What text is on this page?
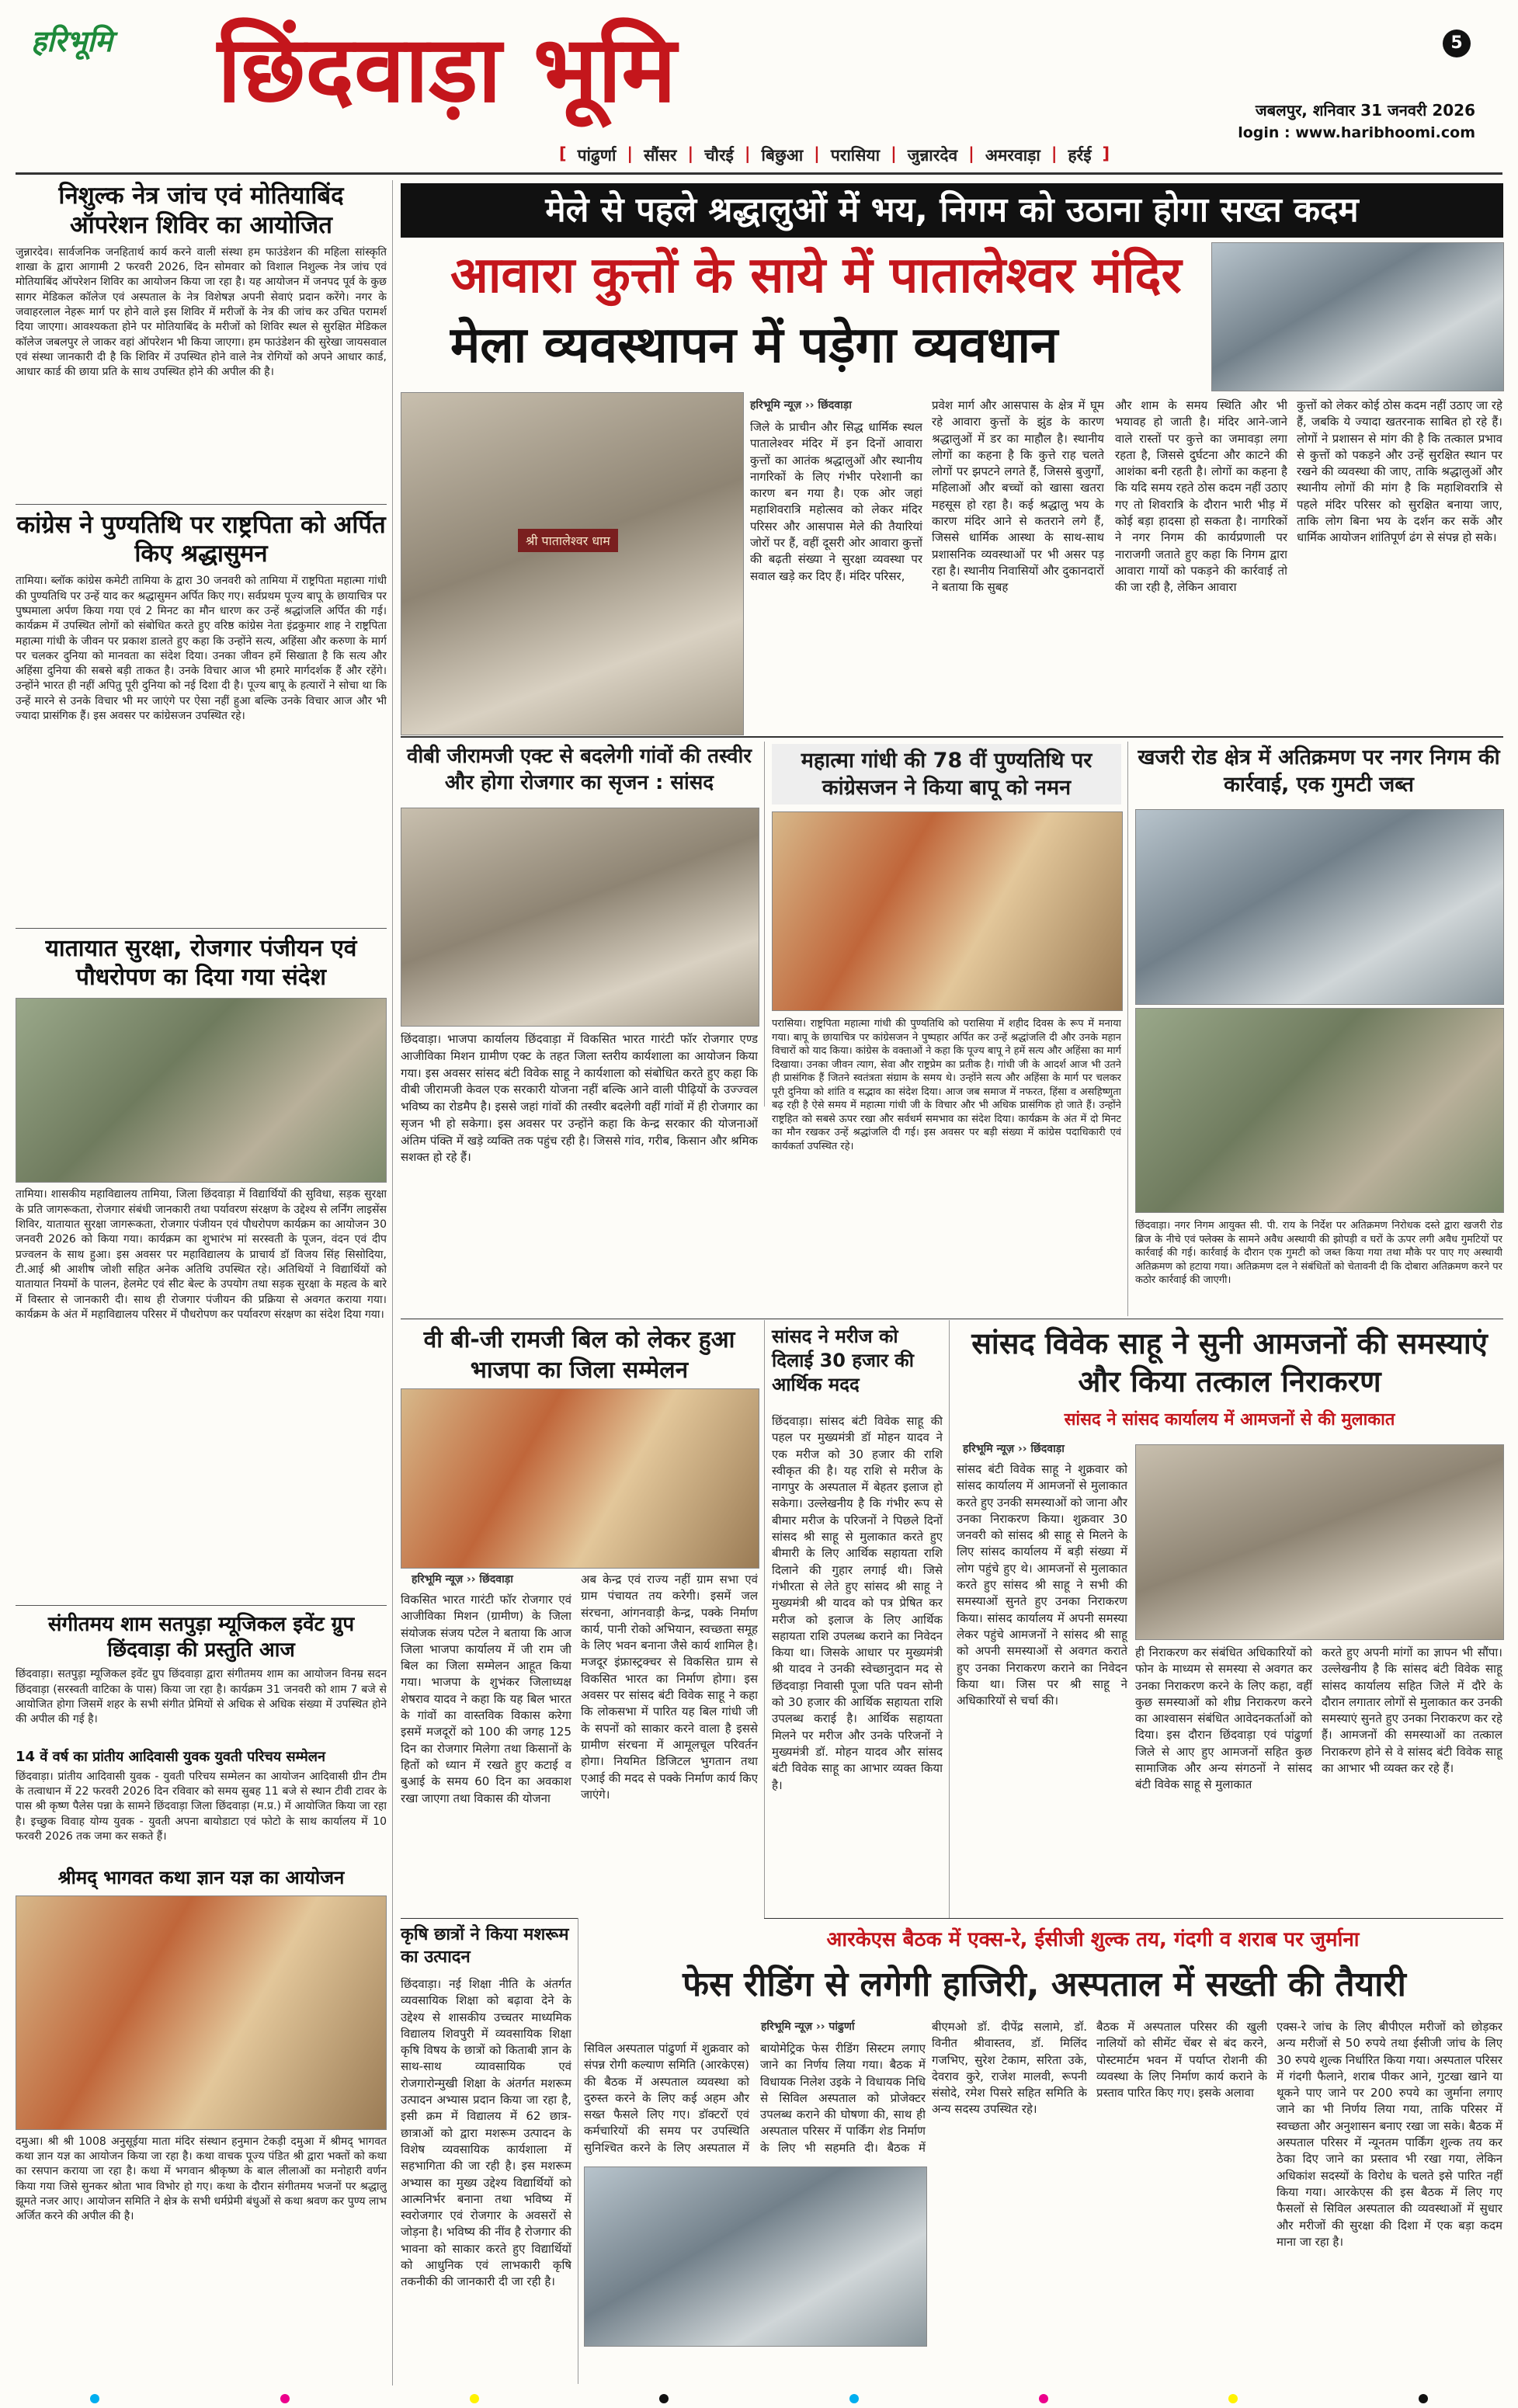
हरिभूमि छिंदवाड़ा भूमि	5
जबलपुर, शनिवार 31 जनवरी 2026
login : www.haribhoomi.com
[ पांढुर्णा | सौंसर | चौरई | बिछुआ | परासिया | जुन्नारदेव | अमरवाड़ा | हर्रई ]
निशुल्क नेत्र जांच एवं मोतियाबिंद ऑपरेशन शिविर का आयोजित
जुन्नारदेव। सार्वजनिक जनहितार्थ कार्य करने वाली संस्था हम फाउंडेशन की महिला सांस्कृति शाखा के द्वारा आगामी 2 फरवरी 2026, दिन सोमवार को विशाल निशुल्क नेत्र जांच एवं मोतियाबिंद ऑपरेशन शिविर का आयोजन किया जा रहा है। यह आयोजन में जनपद पूर्व के कुछ सागर मेडिकल कॉलेज एवं अस्पताल के नेत्र विशेषज्ञ अपनी सेवाएं प्रदान करेंगे। नगर के जवाहरलाल नेहरू मार्ग पर होने वाले इस शिविर में मरीजों के नेत्र की जांच कर उचित परामर्श दिया जाएगा। आवश्यकता होने पर मोतियाबिंद के मरीजों को शिविर स्थल से सुरक्षित मेडिकल कॉलेज जबलपुर ले जाकर वहां ऑपरेशन भी किया जाएगा। हम फाउंडेशन की सुरेखा जायसवाल एवं संस्था जानकारी दी है कि शिविर में उपस्थित होने वाले नेत्र रोगियों को अपने आधार कार्ड, आधार कार्ड की छाया प्रति के साथ उपस्थित होने की अपील की है।
कांग्रेस ने पुण्यतिथि पर राष्ट्रपिता को अर्पित किए श्रद्धासुमन
तामिया। ब्लॉक कांग्रेस कमेटी तामिया के द्वारा 30 जनवरी को तामिया में राष्ट्रपिता महात्मा गांधी की पुण्यतिथि पर उन्हें याद कर श्रद्धासुमन अर्पित किए गए। सर्वप्रथम पूज्य बापू के छायाचित्र पर पुष्पमाला अर्पण किया गया एवं 2 मिनट का मौन धारण कर उन्हें श्रद्धांजलि अर्पित की गई। कार्यक्रम में उपस्थित लोगों को संबोधित करते हुए वरिष्ठ कांग्रेस नेता इंद्रकुमार शाह ने राष्ट्रपिता महात्मा गांधी के जीवन पर प्रकाश डालते हुए कहा कि उन्होंने सत्य, अहिंसा और करुणा के मार्ग पर चलकर दुनिया को मानवता का संदेश दिया। उनका जीवन हमें सिखाता है कि सत्य और अहिंसा दुनिया की सबसे बड़ी ताकत है। उनके विचार आज भी हमारे मार्गदर्शक हैं और रहेंगे। उन्होंने भारत ही नहीं अपितु पूरी दुनिया को नई दिशा दी है। पूज्य बापू के हत्यारों ने सोचा था कि उन्हें मारने से उनके विचार भी मर जाएंगे पर ऐसा नहीं हुआ बल्कि उनके विचार आज और भी ज्यादा प्रासंगिक हैं। इस अवसर पर कांग्रेसजन उपस्थित रहे।
यातायात सुरक्षा, रोजगार पंजीयन एवं पौधरोपण का दिया गया संदेश
तामिया। शासकीय महाविद्यालय तामिया, जिला छिंदवाड़ा में विद्यार्थियों की सुविधा, सड़क सुरक्षा के प्रति जागरूकता, रोजगार संबंधी जानकारी तथा पर्यावरण संरक्षण के उद्देश्य से लर्निंग लाइसेंस शिविर, यातायात सुरक्षा जागरूकता, रोजगार पंजीयन एवं पौधरोपण कार्यक्रम का आयोजन 30 जनवरी 2026 को किया गया। कार्यक्रम का शुभारंभ मां सरस्वती के पूजन, वंदन एवं दीप प्रज्वलन के साथ हुआ। इस अवसर पर महाविद्यालय के प्राचार्य डॉ विजय सिंह सिसोदिया, टी.आई श्री आशीष जोशी सहित अनेक अतिथि उपस्थित रहे। अतिथियों ने विद्यार्थियों को यातायात नियमों के पालन, हेलमेट एवं सीट बेल्ट के उपयोग तथा सड़क सुरक्षा के महत्व के बारे में विस्तार से जानकारी दी। साथ ही रोजगार पंजीयन की प्रक्रिया से अवगत कराया गया। कार्यक्रम के अंत में महाविद्यालय परिसर में पौधरोपण कर पर्यावरण संरक्षण का संदेश दिया गया।
संगीतमय शाम सतपुड़ा म्यूजिकल इवेंट ग्रुप छिंदवाड़ा की प्रस्तुति आज
छिंदवाड़ा। सतपुड़ा म्यूजिकल इवेंट ग्रुप छिंदवाड़ा द्वारा संगीतमय शाम का आयोजन विनम्र सदन छिंदवाड़ा (सरस्वती वाटिका के पास) किया जा रहा है। कार्यक्रम 31 जनवरी को शाम 7 बजे से आयोजित होगा जिसमें शहर के सभी संगीत प्रेमियों से अधिक से अधिक संख्या में उपस्थित होने की अपील की गई है।
14 वें वर्ष का प्रांतीय आदिवासी युवक युवती परिचय सम्मेलन
छिंदवाड़ा। प्रांतीय आदिवासी युवक - युवती परिचय सम्मेलन का आयोजन आदिवासी ग्रीन टीम के तत्वाधान में 22 फरवरी 2026 दिन रविवार को समय सुबह 11 बजे से स्थान टीवी टावर के पास श्री कृष्ण पैलेस पन्ना के सामने छिंदवाड़ा जिला छिंदवाड़ा (म.प्र.) में आयोजित किया जा रहा है। इच्छुक विवाह योग्य युवक - युवती अपना बायोडाटा एवं फोटो के साथ कार्यालय में 10 फरवरी 2026 तक जमा कर सकते हैं।
श्रीमद् भागवत कथा ज्ञान यज्ञ का आयोजन
दमुआ। श्री श्री 1008 अनुसूईया माता मंदिर संस्थान हनुमान टेकड़ी दमुआ में श्रीमद् भागवत कथा ज्ञान यज्ञ का आयोजन किया जा रहा है। कथा वाचक पूज्य पंडित श्री द्वारा भक्तों को कथा का रसपान कराया जा रहा है। कथा में भगवान श्रीकृष्ण के बाल लीलाओं का मनोहारी वर्णन किया गया जिसे सुनकर श्रोता भाव विभोर हो गए। कथा के दौरान संगीतमय भजनों पर श्रद्धालु झूमते नजर आए। आयोजन समिति ने क्षेत्र के सभी धर्मप्रेमी बंधुओं से कथा श्रवण कर पुण्य लाभ अर्जित करने की अपील की है।
मेले से पहले श्रद्धालुओं में भय, निगम को उठाना होगा सख्त कदम
आवारा कुत्तों के साये में पातालेश्वर मंदिर
मेला व्यवस्थापन में पड़ेगा व्यवधान
श्री पातालेश्वर धाम
हरिभूमि न्यूज़ ›› छिंदवाड़ा
जिले के प्राचीन और सिद्ध धार्मिक स्थल पातालेश्वर मंदिर में इन दिनों आवारा कुत्तों का आतंक श्रद्धालुओं और स्थानीय नागरिकों के लिए गंभीर परेशानी का कारण बन गया है। एक ओर जहां महाशिवरात्रि महोत्सव को लेकर मंदिर परिसर और आसपास मेले की तैयारियां जोरों पर हैं, वहीं दूसरी ओर आवारा कुत्तों की बढ़ती संख्या ने सुरक्षा व्यवस्था पर सवाल खड़े कर दिए हैं। मंदिर परिसर,
प्रवेश मार्ग और आसपास के क्षेत्र में घूम रहे आवारा कुत्तों के झुंड के कारण श्रद्धालुओं में डर का माहौल है। स्थानीय लोगों का कहना है कि कुत्ते राह चलते लोगों पर झपटने लगते हैं, जिससे बुजुर्गों, महिलाओं और बच्चों को खासा खतरा महसूस हो रहा है। कई श्रद्धालु भय के कारण मंदिर आने से कतराने लगे हैं, जिससे धार्मिक आस्था के साथ-साथ प्रशासनिक व्यवस्थाओं पर भी असर पड़ रहा है। स्थानीय निवासियों और दुकानदारों ने बताया कि सुबह
और शाम के समय स्थिति और भी भयावह हो जाती है। मंदिर आने-जाने वाले रास्तों पर कुत्ते का जमावड़ा लगा रहता है, जिससे दुर्घटना और काटने की आशंका बनी रहती है। लोगों का कहना है कि यदि समय रहते ठोस कदम नहीं उठाए गए तो शिवरात्रि के दौरान भारी भीड़ में कोई बड़ा हादसा हो सकता है। नागरिकों ने नगर निगम की कार्यप्रणाली पर नाराजगी जताते हुए कहा कि निगम द्वारा आवारा गायों को पकड़ने की कार्रवाई तो की जा रही है, लेकिन आवारा
कुत्तों को लेकर कोई ठोस कदम नहीं उठाए जा रहे हैं, जबकि ये ज्यादा खतरनाक साबित हो रहे हैं। लोगों ने प्रशासन से मांग की है कि तत्काल प्रभाव से कुत्तों को पकड़ने और उन्हें सुरक्षित स्थान पर रखने की व्यवस्था की जाए, ताकि श्रद्धालुओं और स्थानीय लोगों की मांग है कि महाशिवरात्रि से पहले मंदिर परिसर को सुरक्षित बनाया जाए, ताकि लोग बिना भय के दर्शन कर सकें और धार्मिक आयोजन शांतिपूर्ण ढंग से संपन्न हो सके।
वीबी जीरामजी एक्ट से बदलेगी गांवों की तस्वीर और होगा रोजगार का सृजन : सांसद
महात्मा गांधी की 78 वीं पुण्यतिथि पर कांग्रेसजन ने किया बापू को नमन
खजरी रोड क्षेत्र में अतिक्रमण पर नगर निगम की कार्रवाई, एक गुमटी जब्त
छिंदवाड़ा। नगर निगम आयुक्त सी. पी. राय के निर्देश पर अतिक्रमण निरोधक दस्ते द्वारा खजरी रोड ब्रिज के नीचे एवं फ्लेक्स के सामने अवैध अस्थायी की झोपड़ी व घरों के ऊपर लगी अवैध गुमटियों पर कार्रवाई की गई। कार्रवाई के दौरान एक गुमटी को जब्त किया गया तथा मौके पर पाए गए अस्थायी अतिक्रमण को हटाया गया। अतिक्रमण दल ने संबंधितों को चेतावनी दी कि दोबारा अतिक्रमण करने पर कठोर कार्रवाई की जाएगी।
छिंदवाड़ा। भाजपा कार्यालय छिंदवाड़ा में विकसित भारत गारंटी फॉर रोजगार एण्ड आजीविका मिशन ग्रामीण एक्ट के तहत जिला स्तरीय कार्यशाला का आयोजन किया गया। इस अवसर सांसद बंटी विवेक साहू ने कार्यशाला को संबोधित करते हुए कहा कि वीबी जीरामजी केवल एक सरकारी योजना नहीं बल्कि आने वाली पीढ़ियों के उज्ज्वल भविष्य का रोडमैप है। इससे जहां गांवों की तस्वीर बदलेगी वहीं गांवों में ही रोजगार का सृजन भी हो सकेगा। इस अवसर पर उन्होंने कहा कि केन्द्र सरकार की योजनाओं अंतिम पंक्ति में खड़े व्यक्ति तक पहुंच रही है। जिससे गांव, गरीब, किसान और श्रमिक सशक्त हो रहे हैं।
परासिया। राष्ट्रपिता महात्मा गांधी की पुण्यतिथि को परासिया में शहीद दिवस के रूप में मनाया गया। बापू के छायाचित्र पर कांग्रेसजन ने पुष्पहार अर्पित कर उन्हें श्रद्धांजलि दी और उनके महान विचारों को याद किया। कांग्रेस के वक्ताओं ने कहा कि पूज्य बापू ने हमें सत्य और अहिंसा का मार्ग दिखाया। उनका जीवन त्याग, सेवा और राष्ट्रप्रेम का प्रतीक है। गांधी जी के आदर्श आज भी उतने ही प्रासंगिक हैं जितने स्वतंत्रता संग्राम के समय थे। उन्होंने सत्य और अहिंसा के मार्ग पर चलकर पूरी दुनिया को शांति व सद्भाव का संदेश दिया। आज जब समाज में नफरत, हिंसा व असहिष्णुता बढ़ रही है ऐसे समय में महात्मा गांधी जी के विचार और भी अधिक प्रासंगिक हो जाते हैं। उन्होंने राष्ट्रहित को सबसे ऊपर रखा और सर्वधर्म समभाव का संदेश दिया। कार्यक्रम के अंत में दो मिनट का मौन रखकर उन्हें श्रद्धांजलि दी गई। इस अवसर पर बड़ी संख्या में कांग्रेस पदाधिकारी एवं कार्यकर्ता उपस्थित रहे।
वी बी-जी रामजी बिल को लेकर हुआ भाजपा का जिला सम्मेलन
हरिभूमि न्यूज़ ›› छिंदवाड़ा
विकसित भारत गारंटी फॉर रोजगार एवं आजीविका मिशन (ग्रामीण) के जिला संयोजक संजय पटेल ने बताया कि आज जिला भाजपा कार्यालय में जी राम जी बिल का जिला सम्मेलन आहूत किया गया। भाजपा के शुभंकर जिलाध्यक्ष शेषराव यादव ने कहा कि यह बिल भारत के गांवों का वास्तविक विकास करेगा इसमें मजदूरों को 100 की जगह 125 दिन का रोजगार मिलेगा तथा किसानों के हितों को ध्यान में रखते हुए कटाई व बुआई के समय 60 दिन का अवकाश रखा जाएगा तथा विकास की योजना
अब केन्द्र एवं राज्य नहीं ग्राम सभा एवं ग्राम पंचायत तय करेगी। इसमें जल संरचना, आंगनवाड़ी केन्द्र, पक्के निर्माण कार्य, पानी रोको अभियान, स्वच्छता समूह के लिए भवन बनाना जैसे कार्य शामिल है। मजदूर इंफ्रास्ट्रक्चर से विकसित ग्राम से विकसित भारत का निर्माण होगा। इस अवसर पर सांसद बंटी विवेक साहू ने कहा कि लोकसभा में पारित यह बिल गांधी जी के सपनों को साकार करने वाला है इससे ग्रामीण संरचना में आमूलचूल परिवर्तन होगा। नियमित डिजिटल भुगतान तथा एआई की मदद से पक्के निर्माण कार्य किए जाएंगे।
सांसद ने मरीज को दिलाई 30 हजार की आर्थिक मदद
छिंदवाड़ा। सांसद बंटी विवेक साहू की पहल पर मुख्यमंत्री डॉ मोहन यादव ने एक मरीज को 30 हजार की राशि स्वीकृत की है। यह राशि से मरीज के नागपुर के अस्पताल में बेहतर इलाज हो सकेगा। उल्लेखनीय है कि गंभीर रूप से बीमार मरीज के परिजनों ने पिछले दिनों सांसद श्री साहू से मुलाकात करते हुए बीमारी के लिए आर्थिक सहायता राशि दिलाने की गुहार लगाई थी। जिसे गंभीरता से लेते हुए सांसद श्री साहू ने मुख्यमंत्री श्री यादव को पत्र प्रेषित कर मरीज को इलाज के लिए आर्थिक सहायता राशि उपलब्ध कराने का निवेदन किया था। जिसके आधार पर मुख्यमंत्री श्री यादव ने उनकी स्वेच्छानुदान मद से छिंदवाड़ा निवासी पूजा पति पवन सोनी को 30 हजार की आर्थिक सहायता राशि उपलब्ध कराई है। आर्थिक सहायता मिलने पर मरीज और उनके परिजनों ने मुख्यमंत्री डॉ. मोहन यादव और सांसद बंटी विवेक साहू का आभार व्यक्त किया है।
सांसद विवेक साहू ने सुनी आमजनों की समस्याएं और किया तत्काल निराकरण
सांसद ने सांसद कार्यालय में आमजनों से की मुलाकात
हरिभूमि न्यूज़ ›› छिंदवाड़ा
सांसद बंटी विवेक साहू ने शुक्रवार को सांसद कार्यालय में आमजनों से मुलाकात करते हुए उनकी समस्याओं को जाना और उनका निराकरण किया। शुक्रवार 30 जनवरी को सांसद श्री साहू से मिलने के लिए सांसद कार्यालय में बड़ी संख्या में लोग पहुंचे हुए थे। आमजनों से मुलाकात करते हुए सांसद श्री साहू ने सभी की समस्याओं सुनते हुए उनका निराकरण किया। सांसद कार्यालय में अपनी समस्या लेकर पहुंचे आमजनों ने सांसद श्री साहू को अपनी समस्याओं से अवगत कराते हुए उनका निराकरण कराने का निवेदन किया था। जिस पर श्री साहू ने अधिकारियों से चर्चा की।
ही निराकरण कर संबंधित अधिकारियों को फोन के माध्यम से समस्या से अवगत कर उनका निराकरण करने के लिए कहा, वहीं कुछ समस्याओं को शीघ्र निराकरण करने का आश्वासन संबंधित आवेदनकर्ताओं को दिया। इस दौरान छिंदवाड़ा एवं पांढुर्णा जिले से आए हुए आमजनों सहित कुछ सामाजिक और अन्य संगठनों ने सांसद बंटी विवेक साहू से मुलाकात
करते हुए अपनी मांगों का ज्ञापन भी सौंपा। उल्लेखनीय है कि सांसद बंटी विवेक साहू सांसद कार्यालय सहित जिले में दौरे के दौरान लगातार लोगों से मुलाकात कर उनकी समस्याएं सुनते हुए उनका निराकरण कर रहे हैं। आमजनों की समस्याओं का तत्काल निराकरण होने से वे सांसद बंटी विवेक साहू का आभार भी व्यक्त कर रहे हैं।
कृषि छात्रों ने किया मशरूम का उत्पादन
छिंदवाड़ा। नई शिक्षा नीति के अंतर्गत व्यवसायिक शिक्षा को बढ़ावा देने के उद्देश्य से शासकीय उच्चतर माध्यमिक विद्यालय शिवपुरी में व्यवसायिक शिक्षा कृषि विषय के छात्रों को किताबी ज्ञान के साथ-साथ व्यावसायिक एवं रोजगारोन्मुखी शिक्षा के अंतर्गत मशरूम उत्पादन अभ्यास प्रदान किया जा रहा है, इसी क्रम में विद्यालय में 62 छात्र-छात्राओं को द्वारा मशरूम उत्पादन के विशेष व्यवसायिक कार्यशाला में सहभागिता की जा रही है। इस मशरूम अभ्यास का मुख्य उद्देश्य विद्यार्थियों को आत्मनिर्भर बनाना तथा भविष्य में स्वरोजगार एवं रोजगार के अवसरों से जोड़ना है। भविष्य की नींव है रोजगार की भावना को साकार करते हुए विद्यार्थियों को आधुनिक एवं लाभकारी कृषि तकनीकी की जानकारी दी जा रही है।
आरकेएस बैठक में एक्स-रे, ईसीजी शुल्क तय, गंदगी व शराब पर जुर्माना
फेस रीडिंग से लगेगी हाजिरी, अस्पताल में सख्ती की तैयारी
हरिभूमि न्यूज़ ›› पांढुर्णा
सिविल अस्पताल पांढुर्णा में शुक्रवार को संपन्न रोगी कल्याण समिति (आरकेएस) की बैठक में अस्पताल व्यवस्था को दुरुस्त करने के लिए कई अहम और सख्त फैसले लिए गए। डॉक्टरों एवं कर्मचारियों की समय पर उपस्थिति सुनिश्चित करने के लिए अस्पताल में बायोमेट्रिक फेस रीडिंग सिस्टम लगाए जाने का निर्णय लिया गया। बैठक में विधायक निलेश उइके ने विधायक निधि से सिविल अस्पताल को प्रोजेक्टर उपलब्ध कराने की घोषणा की, साथ ही अस्पताल परिसर में पार्किंग शेड निर्माण के लिए भी सहमति दी। बैठक में
बीएमओ डॉ. दीपेंद्र सलामे, डॉ. विनीत श्रीवास्तव, डॉ. मिलिंद गजभिए, सुरेश टेकाम, सरिता उके, देवराव कुरे, राजेश मालवी, रूपनी संसोदे, रमेश पिसरे सहित समिति के अन्य सदस्य उपस्थित रहे।
बैठक में अस्पताल परिसर की खुली नालियों को सीमेंट चेंबर से बंद करने, पोस्टमार्टम भवन में पर्याप्त रोशनी की व्यवस्था के लिए निर्माण कार्य कराने के प्रस्ताव पारित किए गए। इसके अलावा
एक्स-रे जांच के लिए बीपीएल मरीजों को छोड़कर अन्य मरीजों से 50 रुपये तथा ईसीजी जांच के लिए 30 रुपये शुल्क निर्धारित किया गया। अस्पताल परिसर में गंदगी फैलाने, शराब पीकर आने, गुटखा खाने या थूकने पाए जाने पर 200 रुपये का जुर्माना लगाए जाने का भी निर्णय लिया गया, ताकि परिसर में स्वच्छता और अनुशासन बनाए रखा जा सके। बैठक में अस्पताल परिसर में न्यूनतम पार्किंग शुल्क तय कर ठेका दिए जाने का प्रस्ताव भी रखा गया, लेकिन अधिकांश सदस्यों के विरोध के चलते इसे पारित नहीं किया गया। आरकेएस की इस बैठक में लिए गए फैसलों से सिविल अस्पताल की व्यवस्थाओं में सुधार और मरीजों की सुरक्षा की दिशा में एक बड़ा कदम माना जा रहा है।
